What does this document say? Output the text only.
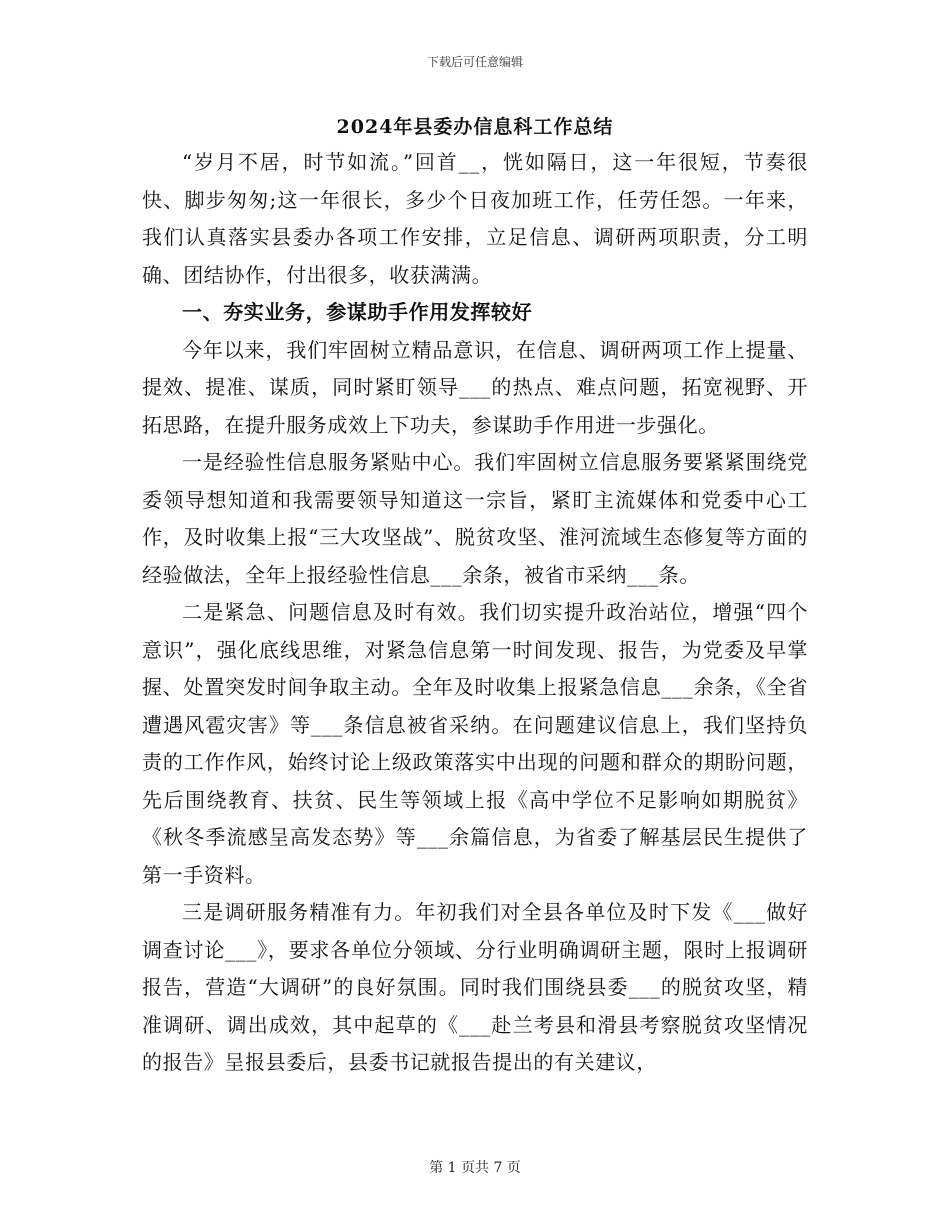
下载后可任意编辑
2024年县委办信息科工作总结

“岁月不居，时节如流。”回首__，恍如隔日，这一年很短，节奏很快、脚步匆匆;这一年很长，多少个日夜加班工作，任劳任怨。一年来，我们认真落实县委办各项工作安排，立足信息、调研两项职责，分工明确、团结协作，付出很多，收获满满。

一、夯实业务，参谋助手作用发挥较好

今年以来，我们牢固树立精品意识，在信息、调研两项工作上提量、提效、提准、谋质，同时紧盯领导___的热点、难点问题，拓宽视野、开拓思路，在提升服务成效上下功夫，参谋助手作用进一步强化。

一是经验性信息服务紧贴中心。我们牢固树立信息服务要紧紧围绕党委领导想知道和我需要领导知道这一宗旨，紧盯主流媒体和党委中心工作，及时收集上报“三大攻坚战”、脱贫攻坚、淮河流域生态修复等方面的经验做法，全年上报经验性信息___余条，被省市采纳___条。

二是紧急、问题信息及时有效。我们切实提升政治站位，增强“四个意识”，强化底线思维，对紧急信息第一时间发现、报告，为党委及早掌握、处置突发时间争取主动。全年及时收集上报紧急信息___余条，《全省遭遇风雹灾害》等___条信息被省采纳。在问题建议信息上，我们坚持负责的工作作风，始终讨论上级政策落实中出现的问题和群众的期盼问题，先后围绕教育、扶贫、民生等领域上报《高中学位不足影响如期脱贫》《秋冬季流感呈高发态势》等___余篇信息，为省委了解基层民生提供了第一手资料。

三是调研服务精准有力。年初我们对全县各单位及时下发《___做好调查讨论___》，要求各单位分领域、分行业明确调研主题，限时上报调研报告，营造“大调研”的良好氛围。同时我们围绕县委___的脱贫攻坚，精准调研、调出成效，其中起草的《___赴兰考县和滑县考察脱贫攻坚情况的报告》呈报县委后，县委书记就报告提出的有关建议，

第 1 页共 7 页
